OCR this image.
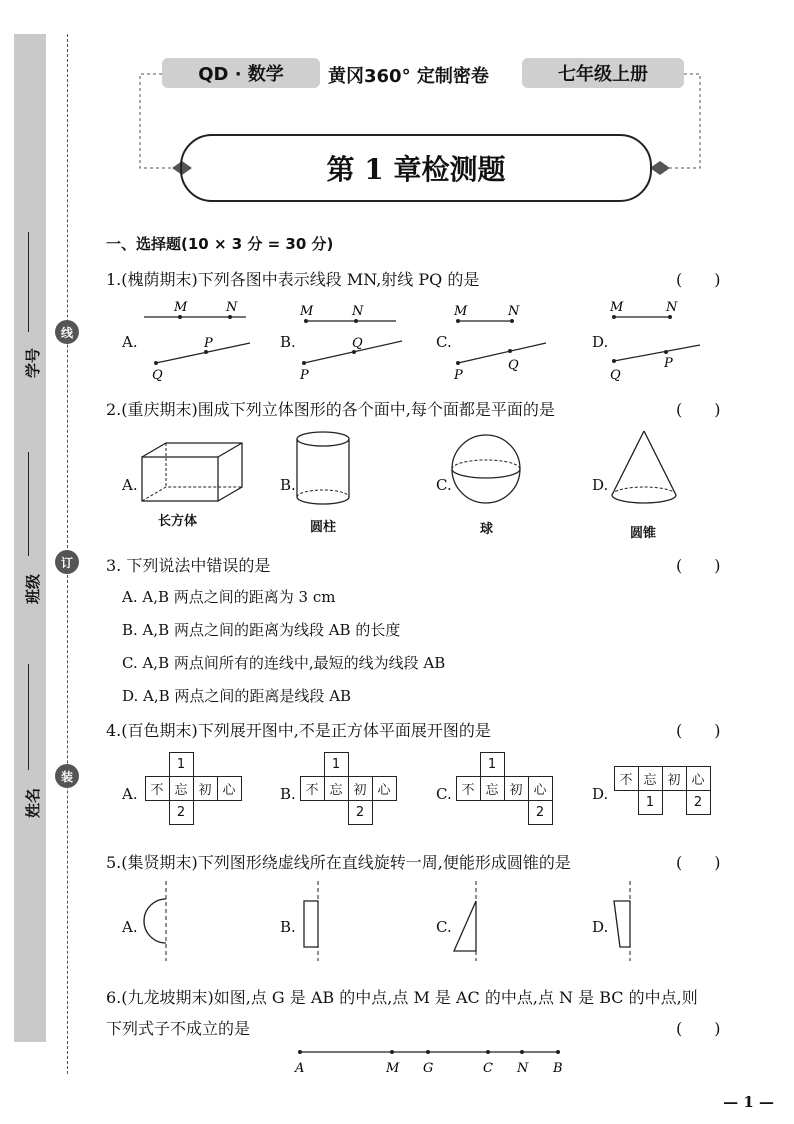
学号
班级
姓名
线
订
装
QD · 数学	黄冈360° 定制密卷	七年级上册
第 1 章检测题
一、选择题(10 × 3 分 = 30 分)
1.(槐荫期末)下列各图中表示线段 MN,射线 PQ 的是	(　　)
A.	B.	C.	D.
M	N
Q
P
M	N
P
Q
M	N
P
Q
M	N
Q
P
2.(重庆期末)围成下列立体图形的各个面中,每个面都是平面的是	(　　)
A.	B.	C.	D.
长方体	圆柱	球	圆锥
3. 下列说法中错误的是	(　　)
A. A,B 两点之间的距离为 3 cm
B. A,B 两点之间的距离为线段 AB 的长度
C. A,B 两点间所有的连线中,最短的线为线段 AB
D. A,B 两点之间的距离是线段 AB
4.(百色期末)下列展开图中,不是正方体平面展开图的是	(　　)
A.	B.	C.	D.
1
不 忘 初 心
2
1
不 忘 初 心
2
1
不 忘 初 心
2
不 忘 初 心
1	2
5.(集贤期末)下列图形绕虚线所在直线旋转一周,便能形成圆锥的是	(　　)
A.	B.	C.	D.
6.(九龙坡期末)如图,点 G 是 AB 的中点,点 M 是 AC 的中点,点 N 是 BC 的中点,则
下列式子不成立的是	(　　)
A	M G	C N B
— 1 —
